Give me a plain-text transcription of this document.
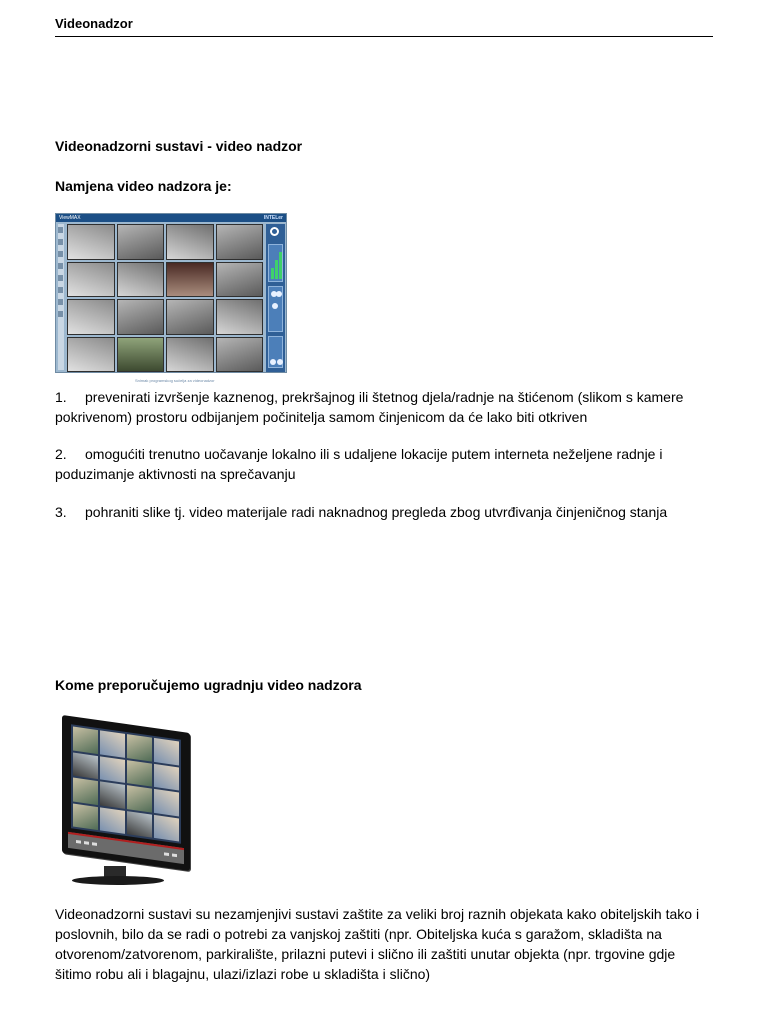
Videonadzor
Videonadzorni sustavi - video nadzor
Namjena video nadzora je:
ViewMAX	INTELer
Snimak programskog sučelja za videonadzor

1. prevenirati izvršenje kaznenog, prekršajnog ili štetnog djela/radnje na štićenom (slikom s kamere pokrivenom) prostoru odbijanjem počinitelja samom činjenicom da će lako biti otkriven

2. omogućiti trenutno uočavanje lokalno ili s udaljene lokacije putem interneta neželjene radnje i poduzimanje aktivnosti na sprečavanju

3. pohraniti slike tj. video materijale radi naknadnog pregleda zbog utvrđivanja činjeničnog stanja

Kome preporučujemo ugradnju video nadzora

Videonadzorni sustavi su nezamjenjivi sustavi zaštite za veliki broj raznih objekata kako obiteljskih tako i poslovnih, bilo da se radi o potrebi za vanjskoj zaštiti (npr. Obiteljska kuća s garažom, skladišta na otvorenom/zatvorenom, parkiralište, prilazni putevi i slično ili zaštiti unutar objekta (npr. trgovine gdje šitimo robu ali i blagajnu, ulazi/izlazi robe u skladišta i slično)
